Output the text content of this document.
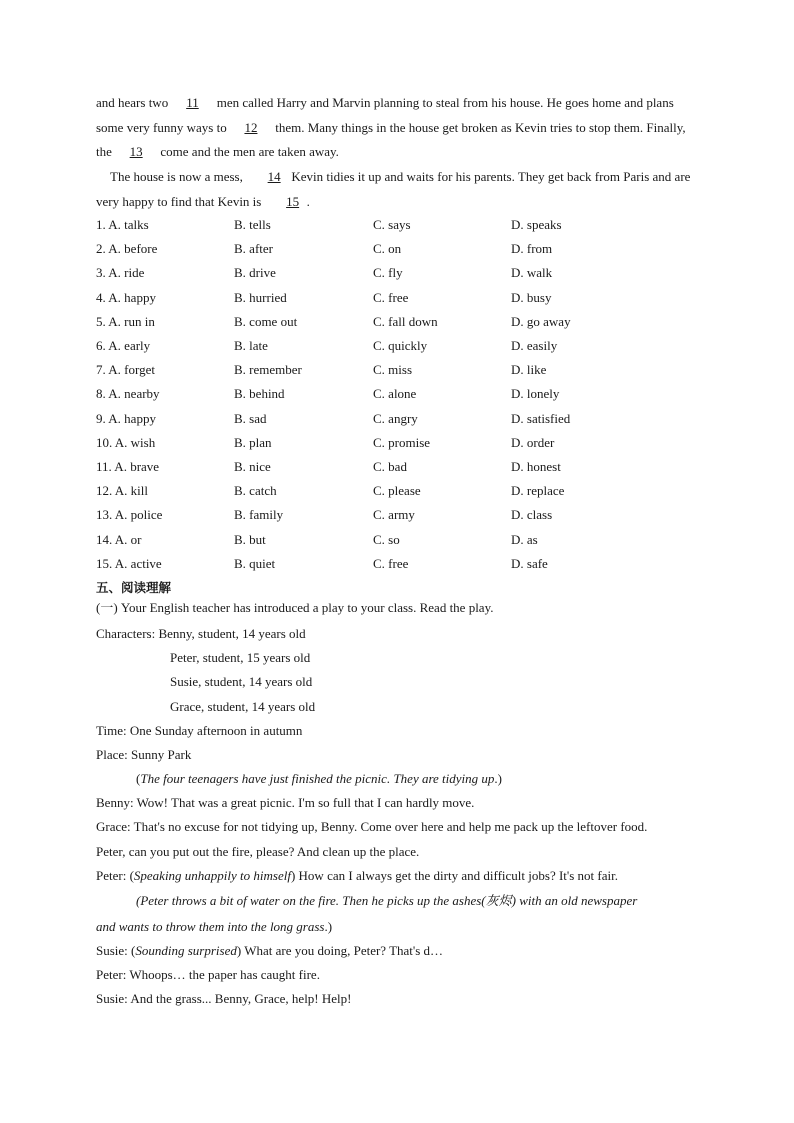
and hears two 11 men called Harry and Marvin planning to steal from his house. He goes home and plans some very funny ways to 12 them. Many things in the house get broken as Kevin tries to stop them. Finally, the 13 come and the men are taken away.

The house is now a mess, 14 Kevin tidies it up and waits for his parents. They get back from Paris and are very happy to find that Kevin is 15 .

1. A. talks	B. tells	C. says	D. speaks
2. A. before	B. after	C. on	D. from
3. A. ride	B. drive	C. fly	D. walk
4. A. happy	B. hurried	C. free	D. busy
5. A. run in	B. come out	C. fall down	D. go away
6. A. early	B. late	C. quickly	D. easily
7. A. forget	B. remember	C. miss	D. like
8. A. nearby	B. behind	C. alone	D. lonely
9. A. happy	B. sad	C. angry	D. satisfied
10. A. wish	B. plan	C. promise	D. order
11. A. brave	B. nice	C. bad	D. honest
12. A. kill	B. catch	C. please	D. replace
13. A. police	B. family	C. army	D. class
14. A. or	B. but	C. so	D. as
15. A. active	B. quiet	C. free	D. safe
五、阅读理解
(一) Your English teacher has introduced a play to your class. Read the play.
Characters: Benny, student, 14 years old
Peter, student, 15 years old
Susie, student, 14 years old
Grace, student, 14 years old
Time: One Sunday afternoon in autumn
Place: Sunny Park
(The four teenagers have just finished the picnic. They are tidying up.)
Benny: Wow! That was a great picnic. I'm so full that I can hardly move.
Grace: That's no excuse for not tidying up, Benny. Come over here and help me pack up the leftover food.
Peter, can you put out the fire, please? And clean up the place.
Peter: (Speaking unhappily to himself) How can I always get the dirty and difficult jobs? It's not fair.
(Peter throws a bit of water on the fire. Then he picks up the ashes(灰烬) with an old newspaper
and wants to throw them into the long grass.)
Susie: (Sounding surprised) What are you doing, Peter? That's d…
Peter: Whoops… the paper has caught fire.
Susie: And the grass... Benny, Grace, help! Help!
